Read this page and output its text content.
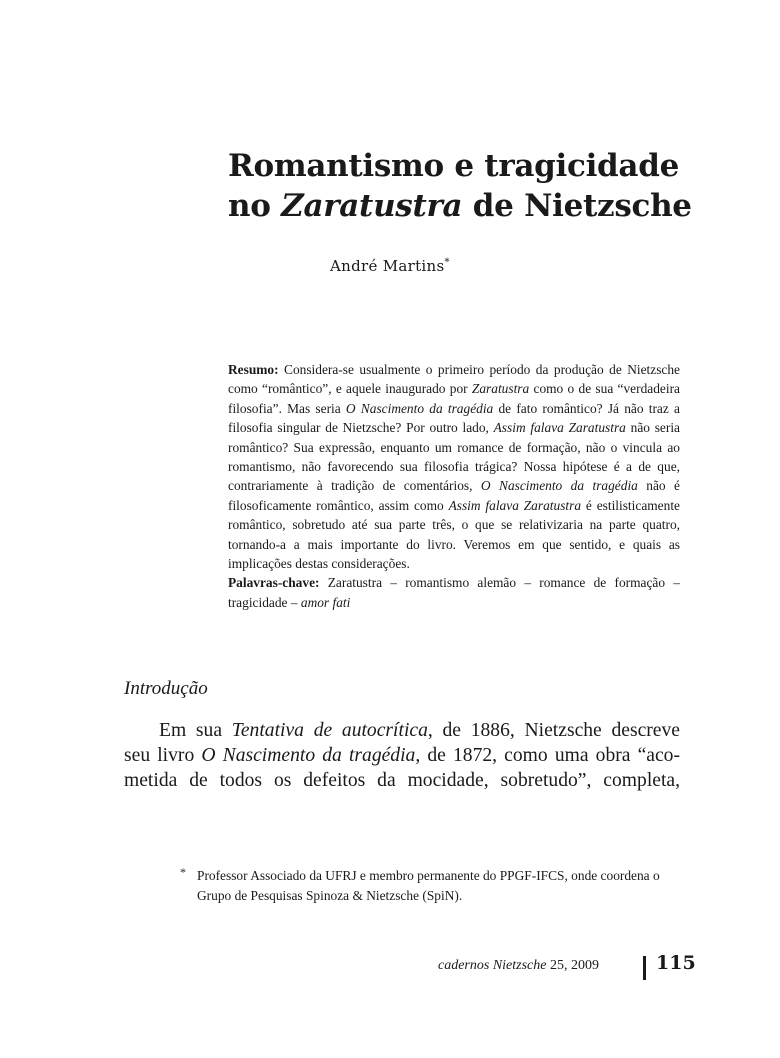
Romantismo e tragicidade
no Zaratustra de Nietzsche
André Martins*

Resumo: Considera-se usualmente o primeiro período da produção de Nietzsche como “romântico”, e aquele inaugurado por Zaratustra como o de sua “verdadeira filosofia”. Mas seria O Nascimento da tragédia de fato romântico? Já não traz a filosofia singular de Nietzsche? Por outro lado, Assim falava Zaratustra não seria romântico? Sua expressão, enquanto um romance de formação, não o vincula ao romantismo, não favorecendo sua filosofia trágica? Nossa hipótese é a de que, contrariamente à tradição de comentários, O Nascimento da tragédia não é filosoficamente romântico, assim como Assim falava Zaratustra é estilisticamente romântico, sobretudo até sua parte três, o que se relativizaria na parte quatro, tornando-a a mais importante do livro. Veremos em que sentido, e quais as implicações destas considerações.

Palavras-chave: Zaratustra – romantismo alemão – romance de formação – tragicidade – amor fati

Introdução
Em sua Tentativa de autocrítica, de 1886, Nietzsche descreve
seu livro O Nascimento da tragédia, de 1872, como uma obra “aco-
metida de todos os defeitos da mocidade, sobretudo”, completa,
* Professor Associado da UFRJ e membro permanente do PPGF-IFCS, onde coordena o Grupo de Pesquisas Spinoza & Nietzsche (SpiN).
cadernos Nietzsche 25, 2009	115
